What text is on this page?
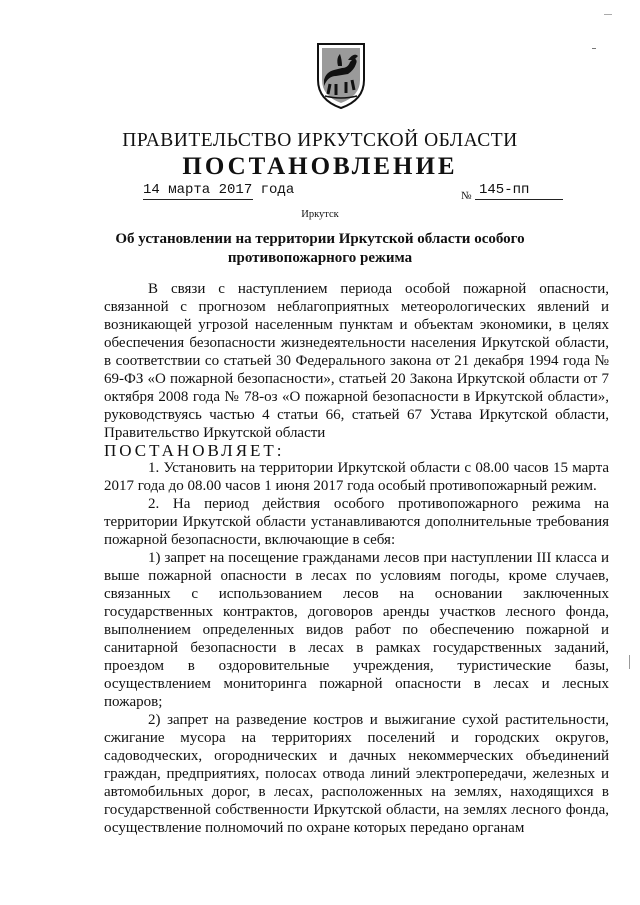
ПРАВИТЕЛЬСТВО ИРКУТСКОЙ ОБЛАСТИ
ПОСТАНОВЛЕНИЕ
14 марта 2017 года	№ 145-пп
Иркутск
Об установлении на территории Иркутской области особого противопожарного режима

В связи с наступлением периода особой пожарной опасности, связанной с прогнозом неблагоприятных метеорологических явлений и возникающей угрозой населенным пунктам и объектам экономики, в целях обеспечения безопасности жизнедеятельности населения Иркутской области, в соответствии со статьей 30 Федерального закона от 21 декабря 1994 года № 69-ФЗ «О пожарной безопасности», статьей 20 Закона Иркутской области от 7 октября 2008 года № 78-оз «О пожарной безопасности в Иркутской области», руководствуясь частью 4 статьи 66, статьей 67 Устава Иркутской области, Правительство Иркутской области

ПОСТАНОВЛЯЕТ:

1. Установить на территории Иркутской области с 08.00 часов 15 марта 2017 года до 08.00 часов 1 июня 2017 года особый противопожарный режим.

2. На период действия особого противопожарного режима на территории Иркутской области устанавливаются дополнительные требования пожарной безопасности, включающие в себя:

1) запрет на посещение гражданами лесов при наступлении III класса и выше пожарной опасности в лесах по условиям погоды, кроме случаев, связанных с использованием лесов на основании заключенных государственных контрактов, договоров аренды участков лесного фонда, выполнением определенных видов работ по обеспечению пожарной и санитарной безопасности в лесах в рамках государственных заданий, проездом в оздоровительные учреждения, туристические базы, осуществлением мониторинга пожарной опасности в лесах и лесных пожаров;

2) запрет на разведение костров и выжигание сухой растительности, сжигание мусора на территориях поселений и городских округов, садоводческих, огороднических и дачных некоммерческих объединений граждан, предприятиях, полосах отвода линий электропередачи, железных и автомобильных дорог, в лесах, расположенных на землях, находящихся в государственной собственности Иркутской области, на землях лесного фонда, осуществление полномочий по охране которых передано органам
